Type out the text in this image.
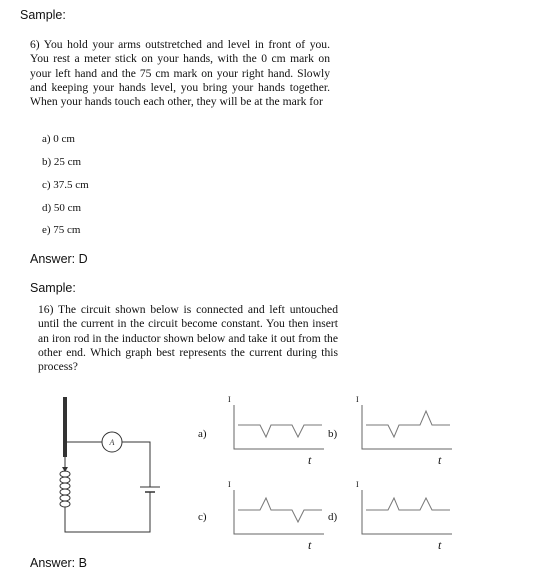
Sample:
6) You hold your arms outstretched and level in front of you. You rest a meter stick on your hands, with the 0 cm mark on your left hand and the 75 cm mark on your right hand. Slowly and keeping your hands level, you bring your hands together. When your hands touch each other, they will be at the mark for
a) 0 cm
b) 25 cm
c) 37.5 cm
d) 50 cm
e) 75 cm
Answer: D
Sample:
16) The circuit shown below is connected and left untouched until the current in the circuit become constant. You then insert an iron rod in the inductor shown below and take it out from the other end. Which graph best represents the current during this process?
A
a)
I
t
b)
I
t
c)
I
t
d)
I
t
Answer: B
